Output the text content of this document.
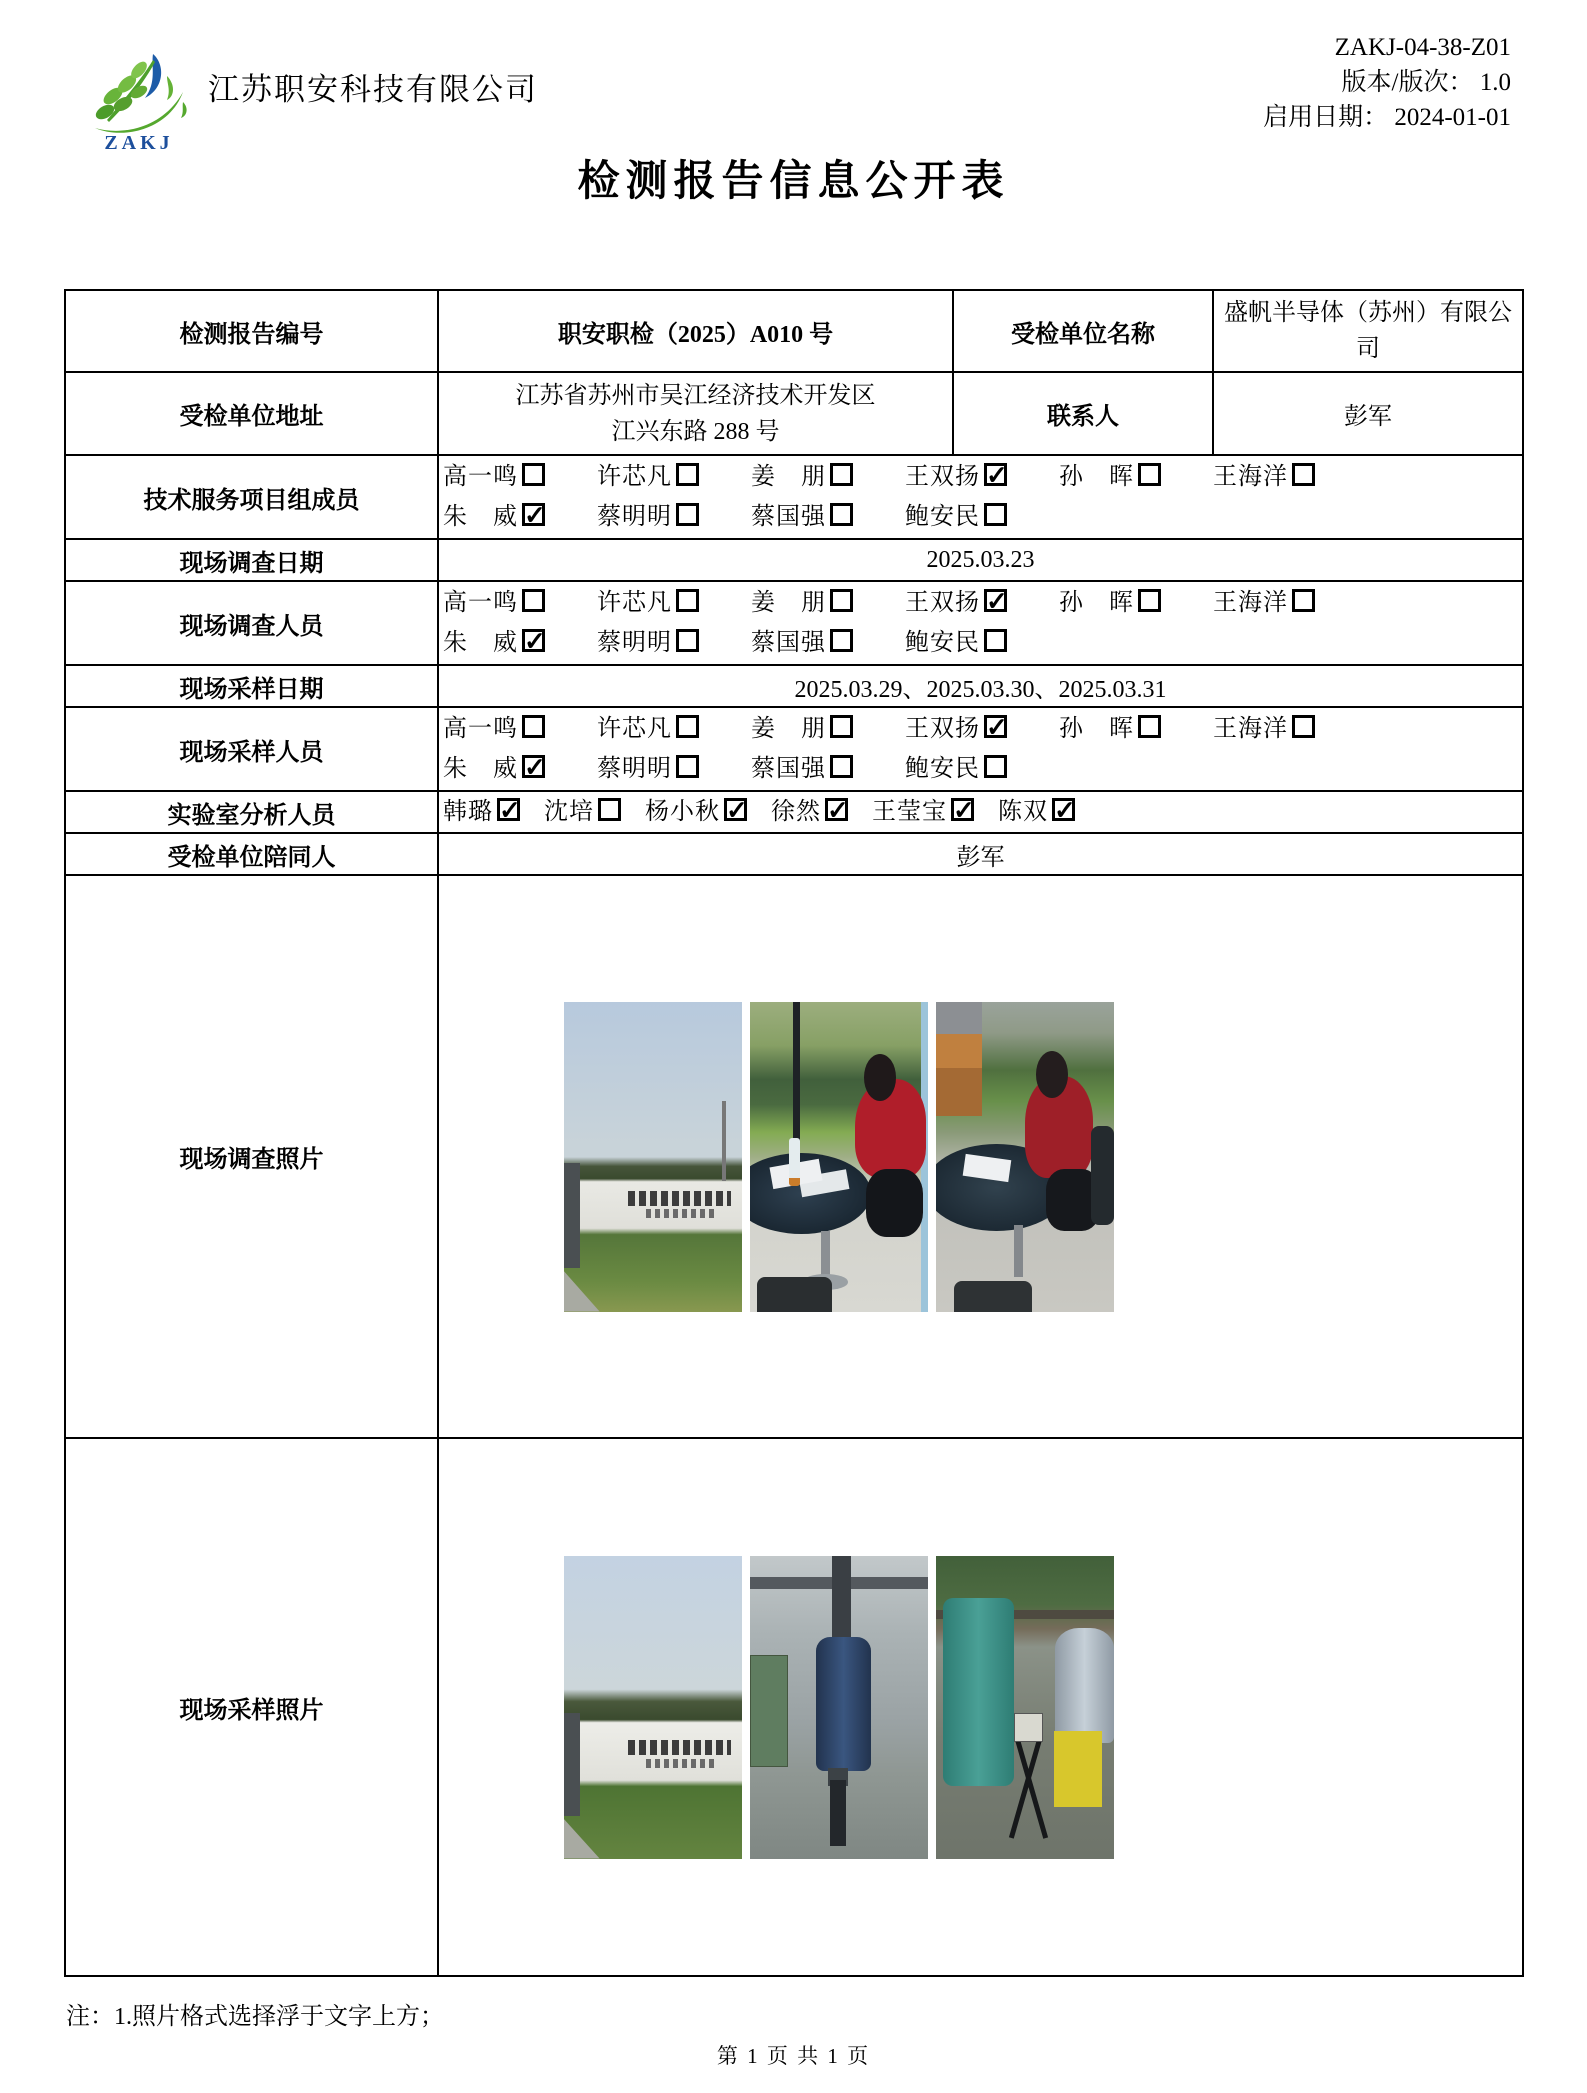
ZAKJ
江苏职安科技有限公司
ZAKJ-04-38-Z01
版本/版次： 1.0
启用日期： 2024-01-01
检测报告信息公开表
检测报告编号	职安职检（2025）A010 号	受检单位名称	盛帆半导体（苏州）有限公司
受检单位地址	江苏省苏州市吴江经济技术开发区
江兴东路 288 号	联系人	彭军
技术服务项目组成员	高一鸣 许芯凡 姜　朋 王双扬 ✓ 孙　晖 王海洋
朱　威 ✓ 蔡明明 蔡国强 鲍安民

现场调查日期	2025.03.23		
现场调查人员	高一鸣 许芯凡 姜　朋 王双扬 ✓ 孙　晖 王海洋
朱　威 ✓ 蔡明明 蔡国强 鲍安民

现场采样日期	2025.03.29、2025.03.30、2025.03.31		
现场采样人员	高一鸣 许芯凡 姜　朋 王双扬 ✓ 孙　晖 王海洋
朱　威 ✓ 蔡明明 蔡国强 鲍安民

实验室分析人员	韩璐 ✓ 沈培 杨小秋 ✓ 徐然 ✓ 王莹宝 ✓ 陈双✓

受检单位陪同人	彭军		
现场调查照片			

现场采样照片			
注：1.照片格式选择浮于文字上方；
第 1 页 共 1 页
